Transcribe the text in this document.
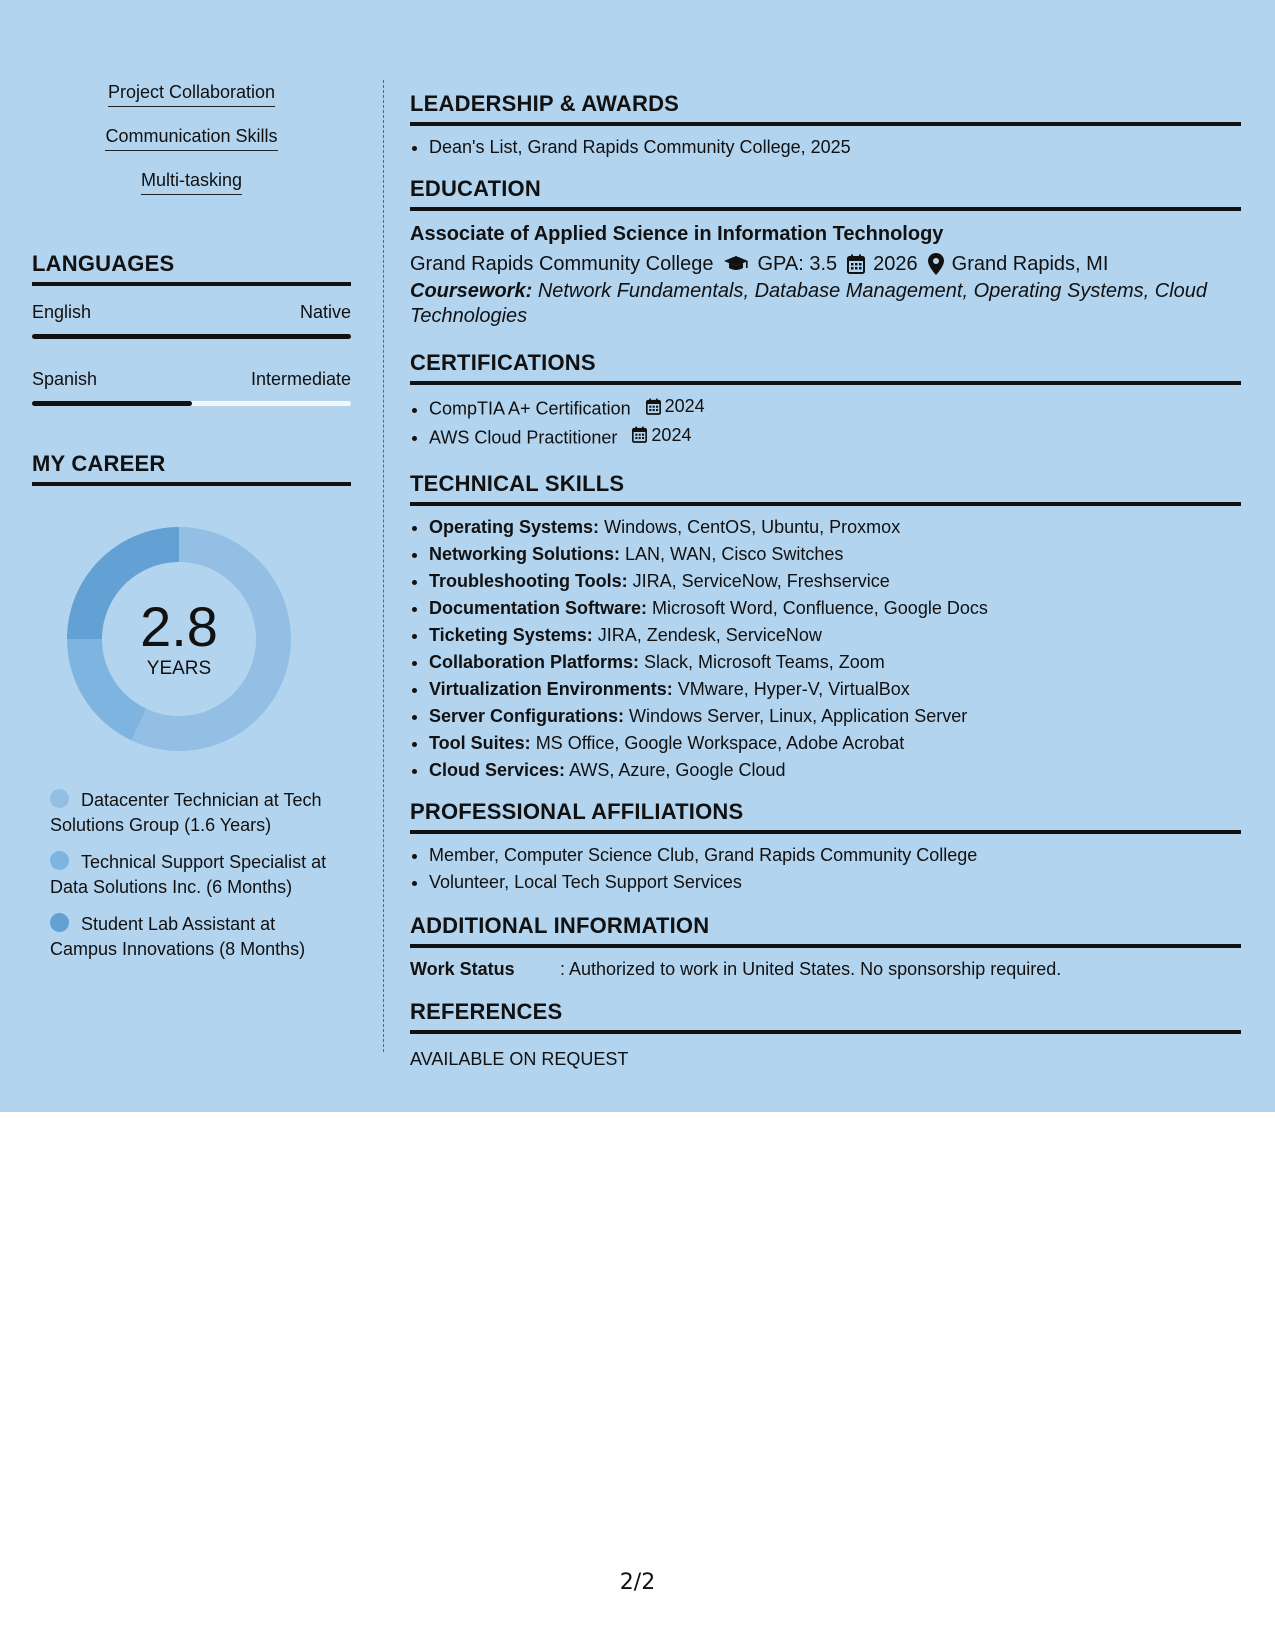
Project Collaboration
Communication Skills
Multi-tasking
LANGUAGES
English	Native
Spanish	Intermediate
MY CAREER
2.8
YEARS
Datacenter Technician at Tech Solutions Group (1.6 Years)
Technical Support Specialist at Data Solutions Inc. (6 Months)
Student Lab Assistant at Campus Innovations (8 Months)
LEADERSHIP & AWARDS
• Dean's List, Grand Rapids Community College, 2025
EDUCATION
Associate of Applied Science in Information Technology
Grand Rapids Community College GPA: 3.5 2026 Grand Rapids, MI
Coursework: Network Fundamentals, Database Management, Operating Systems, Cloud Technologies
CERTIFICATIONS
• CompTIA A+ Certification 2024
• AWS Cloud Practitioner 2024
TECHNICAL SKILLS
• Operating Systems: Windows, CentOS, Ubuntu, Proxmox
• Networking Solutions: LAN, WAN, Cisco Switches
• Troubleshooting Tools: JIRA, ServiceNow, Freshservice
• Documentation Software: Microsoft Word, Confluence, Google Docs
• Ticketing Systems: JIRA, Zendesk, ServiceNow
• Collaboration Platforms: Slack, Microsoft Teams, Zoom
• Virtualization Environments: VMware, Hyper-V, VirtualBox
• Server Configurations: Windows Server, Linux, Application Server
• Tool Suites: MS Office, Google Workspace, Adobe Acrobat
• Cloud Services: AWS, Azure, Google Cloud
PROFESSIONAL AFFILIATIONS
• Member, Computer Science Club, Grand Rapids Community College
• Volunteer, Local Tech Support Services
ADDITIONAL INFORMATION
Work Status	: Authorized to work in United States. No sponsorship required.
REFERENCES
AVAILABLE ON REQUEST
2/2
